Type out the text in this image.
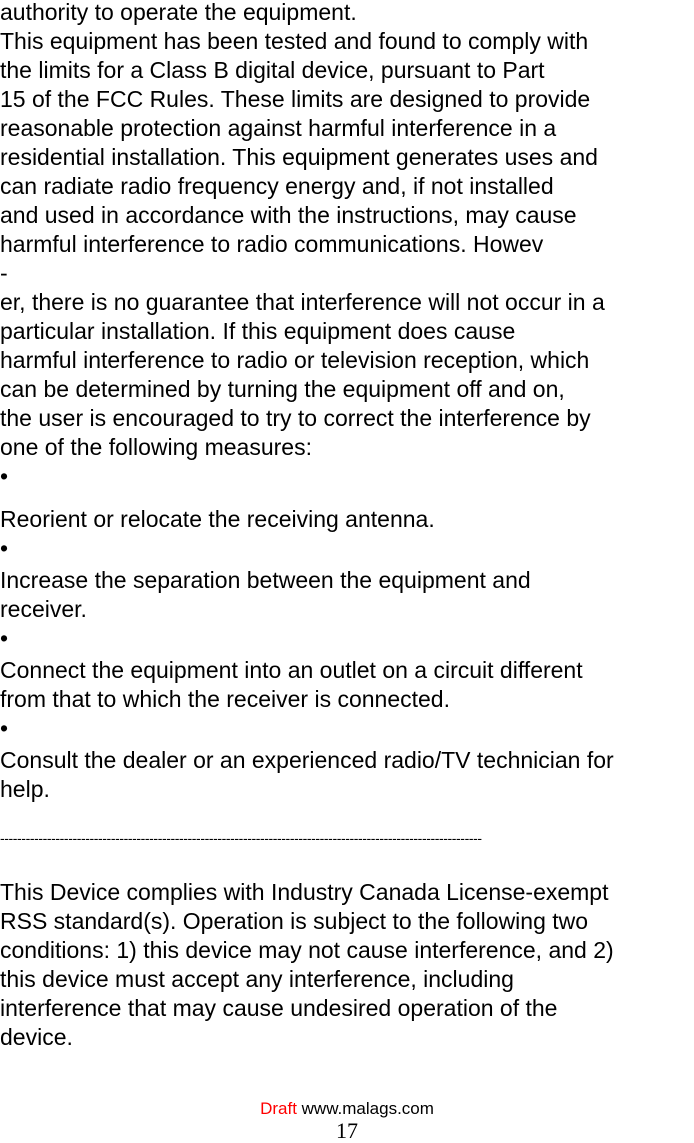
authority to operate the equipment.

This equipment has been tested and found to comply with

the limits for a Class B digital device, pursuant to Part

15 of the FCC Rules. These limits are designed to provide

reasonable protection against harmful interference in a

residential installation. This equipment generates uses and

can radiate radio frequency energy and, if not installed

and used in accordance with the instructions, may cause

harmful interference to radio communications. Howev

-

er, there is no guarantee that interference will not occur in a

particular installation. If this equipment does cause

harmful interference to radio or television reception, which

can be determined by turning the equipment off and on,

the user is encouraged to try to correct the interference by

one of the following measures:

•

Reorient or relocate the receiving antenna.

•

Increase the separation between the equipment and

receiver.

•

Connect the equipment into an outlet on a circuit different

from that to which the receiver is connected.

•

Consult the dealer or an experienced radio/TV technician for

help.

-----------------------------------------------------------------------------------------------------------------

This Device complies with Industry Canada License-exempt

RSS standard(s). Operation is subject to the following two

conditions: 1) this device may not cause interference, and 2)

this device must accept any interference, including

interference that may cause undesired operation of the

device.

Draft www.malags.com
17
